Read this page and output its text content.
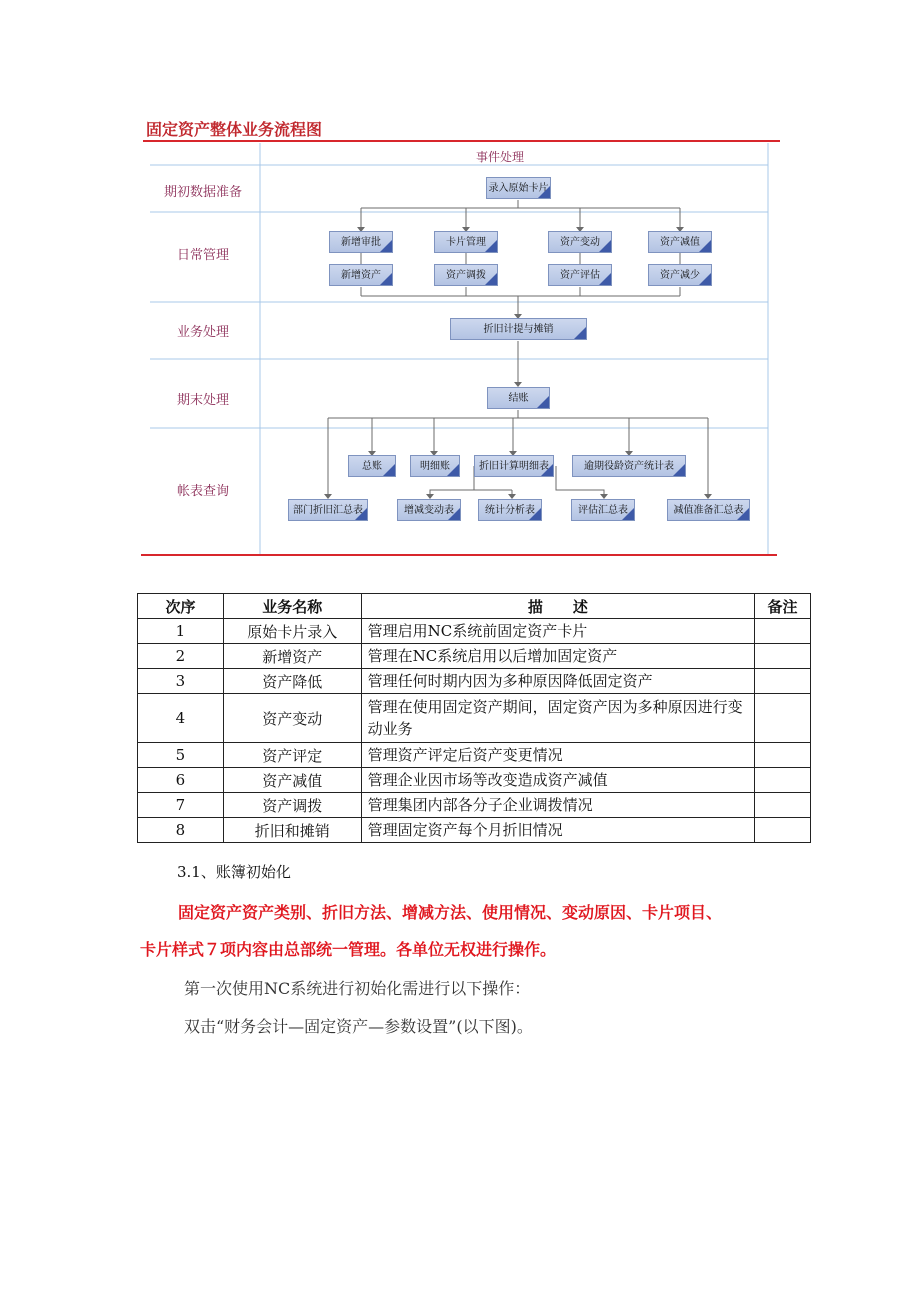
固定资产整体业务流程图
事件处理
期初数据准备
日常管理
业务处理
期末处理
帐表查询
录入原始卡片
新增审批	卡片管理	资产变动	资产减值
新增资产	资产调拨	资产评估	资产减少
折旧计提与摊销
结账
总账	明细账	折旧计算明细表	逾期役龄资产统计表
部门折旧汇总表	增减变动表	统计分析表	评估汇总表	减值准备汇总表
次序	业务名称	描　　述	备注
1	原始卡片录入	管理启用NC系统前固定资产卡片	
2	新增资产	管理在NC系统启用以后增加固定资产	
3	资产降低	管理任何时期内因为多种原因降低固定资产	
4	资产变动	管理在使用固定资产期间，固定资产因为多种原因进行变动业务	
5	资产评定	管理资产评定后资产变更情况	
6	资产减值	管理企业因市场等改变造成资产减值	
7	资产调拨	管理集团内部各分子企业调拨情况	
8	折旧和摊销	管理固定资产每个月折旧情况	
3.1、账簿初始化
固定资产资产类别、折旧方法、增减方法、使用情况、变动原因、卡片项目、
卡片样式７项内容由总部统一管理。各单位无权进行操作。
第一次使用NC系统进行初始化需进行以下操作：
双击“财务会计—固定资产—参数设置”(以下图)。
